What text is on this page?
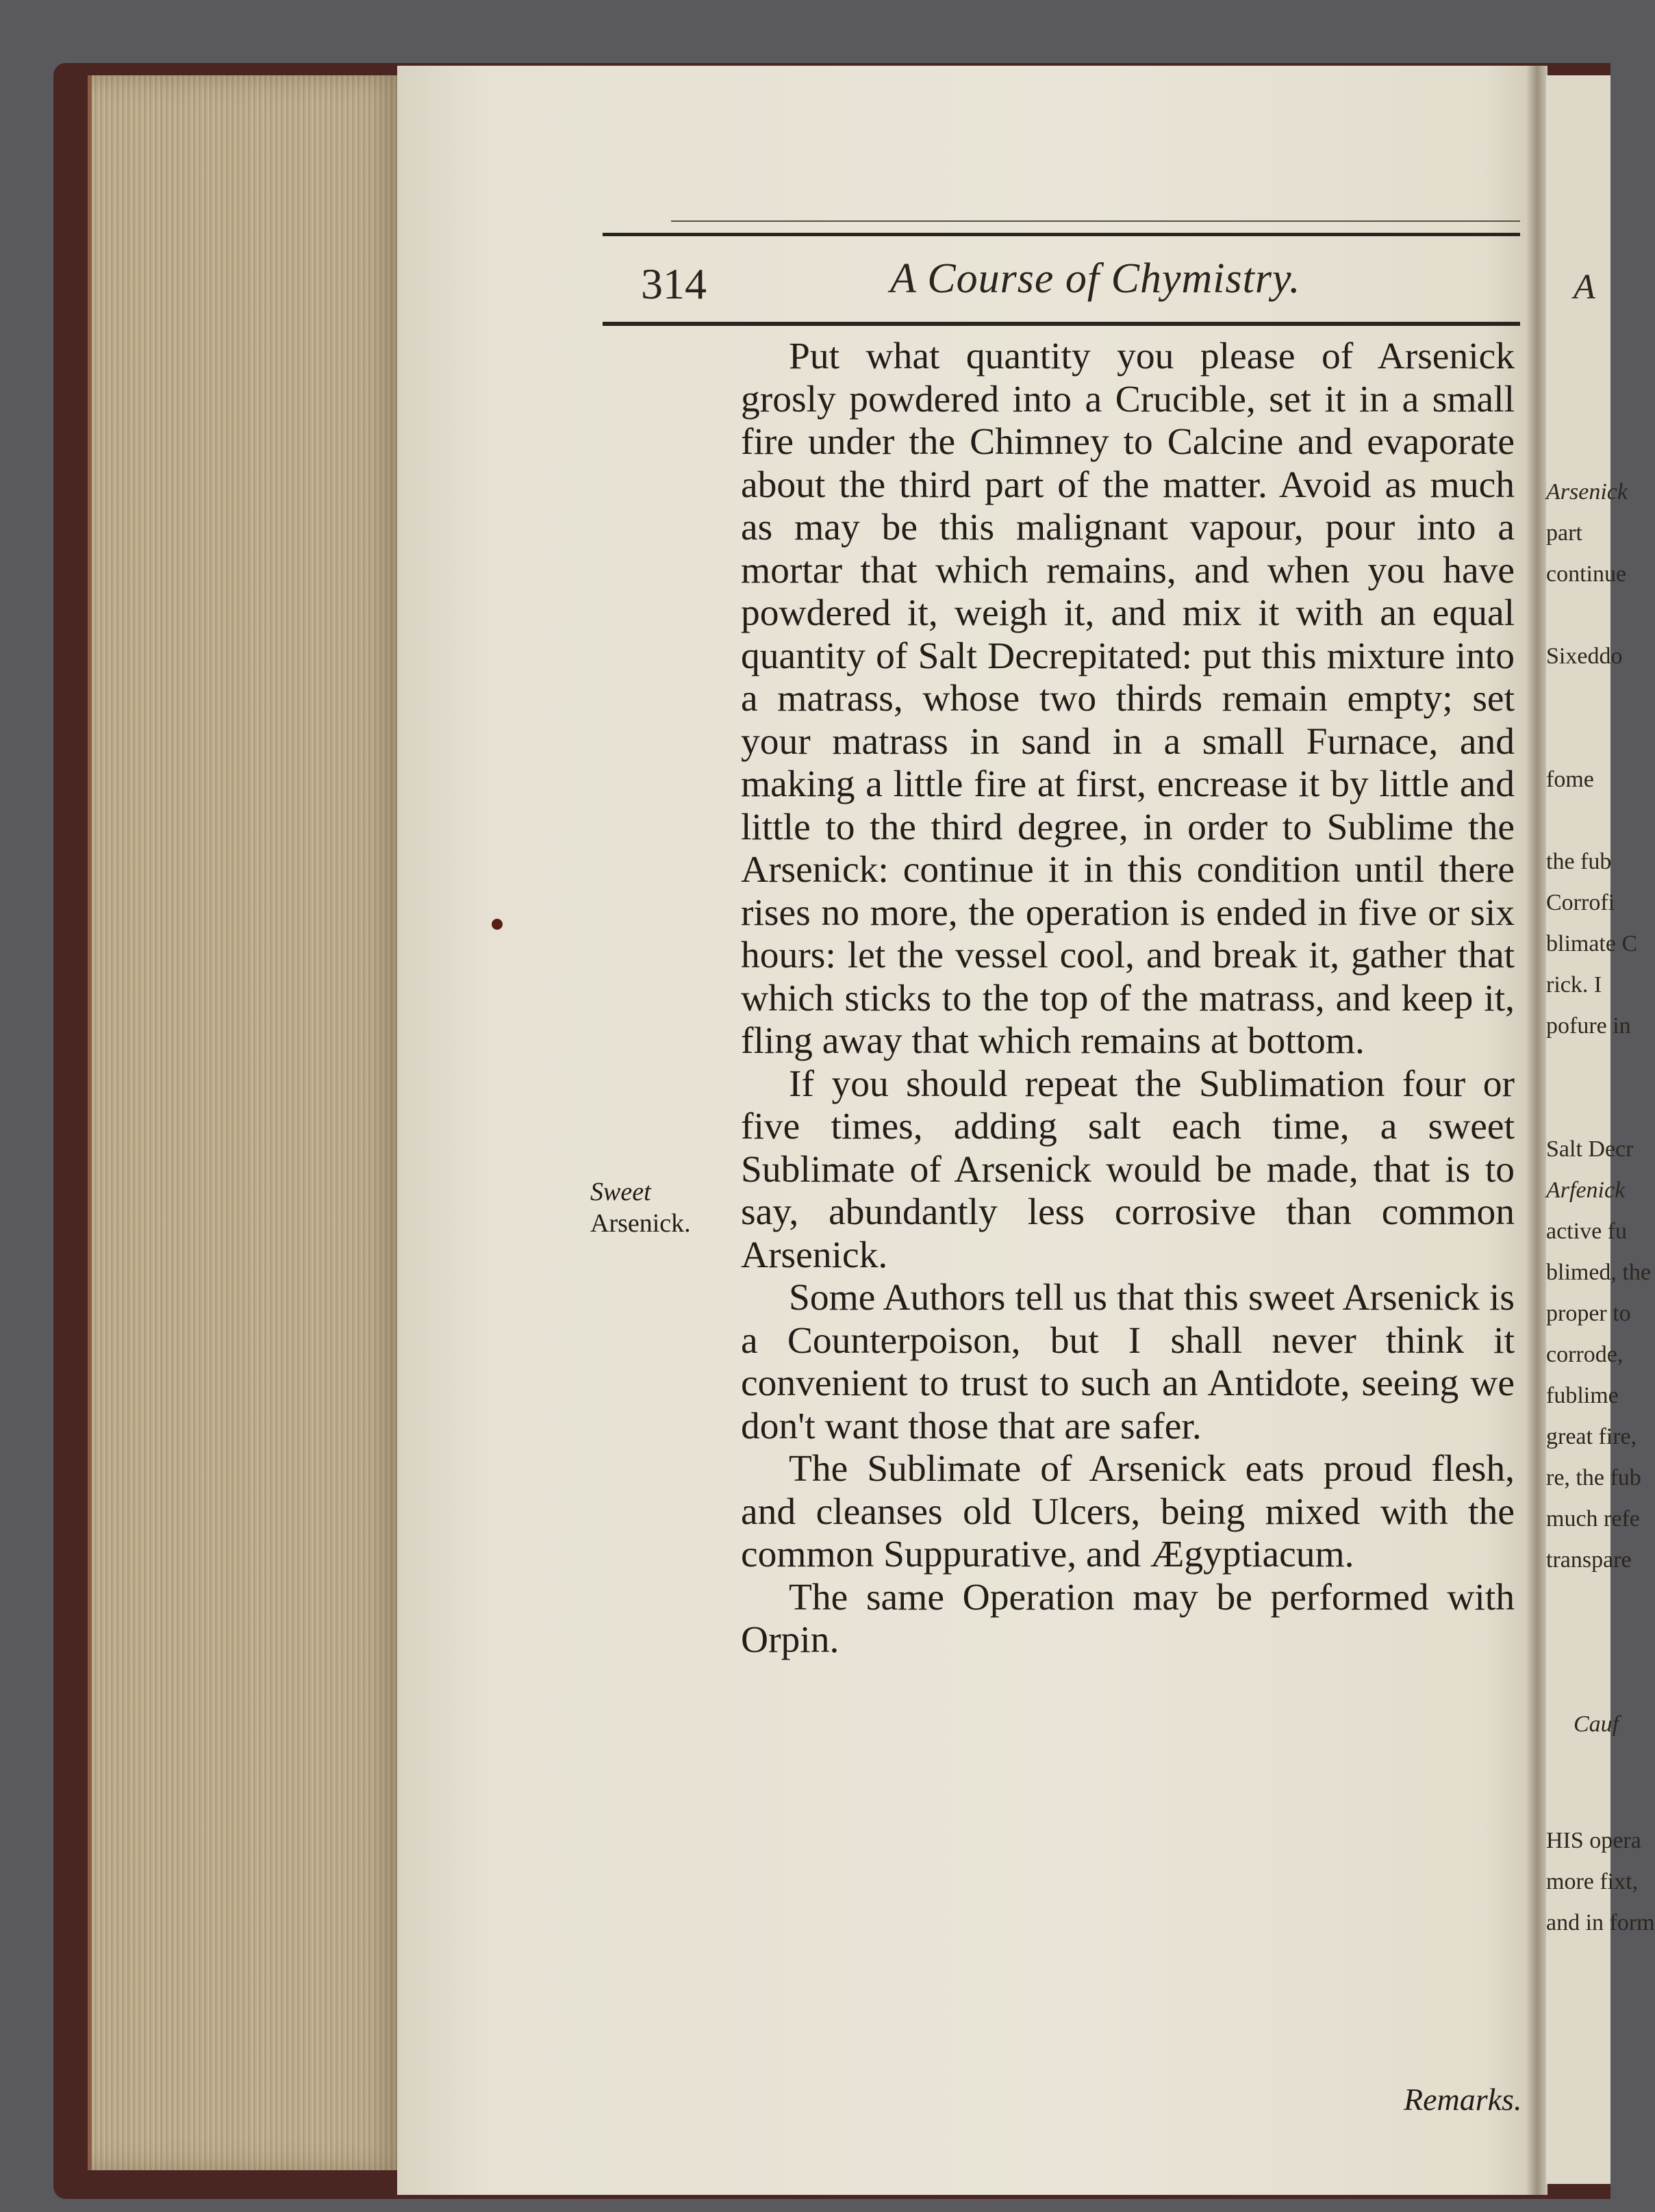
A
Arsenick
part
continue
Sixeddo
fome
the fub
Corrofi
blimate C
rick. I
pofure in
Salt Decr
Arfenick
active fu
blimed, the
proper to
corrode,
fublime
great fire,
re, the fub
much refe
transpare
Cauf
HIS opera
more fixt,
and in form
314	A Course of Chymistry.
Sweet
Arsenick.

Put what quantity you please of Arsenick grosly powdered into a Crucible, set it in a small fire under the Chimney to Calcine and evaporate about the third part of the matter. Avoid as much as may be this malignant vapour, pour into a mortar that which remains, and when you have powdered it, weigh it, and mix it with an equal quantity of Salt Decrepitated: put this mixture into a matrass, whose two thirds remain empty; set your matrass in sand in a small Furnace, and making a little fire at first, encrease it by little and little to the third degree, in order to Sublime the Arsenick: continue it in this condition until there rises no more, the operation is ended in five or six hours: let the vessel cool, and break it, gather that which sticks to the top of the matrass, and keep it, fling away that which remains at bottom.

If you should repeat the Sublimation four or five times, adding salt each time, a sweet Sublimate of Arsenick would be made, that is to say, abundantly less corrosive than common Arsenick.

Some Authors tell us that this sweet Arsenick is a Counterpoison, but I shall never think it convenient to trust to such an Antidote, seeing we don't want those that are safer.

The Sublimate of Arsenick eats proud flesh, and cleanses old Ulcers, being mixed with the common Suppurative, and Ægyptiacum.

The same Operation may be performed with Orpin.

Remarks.
